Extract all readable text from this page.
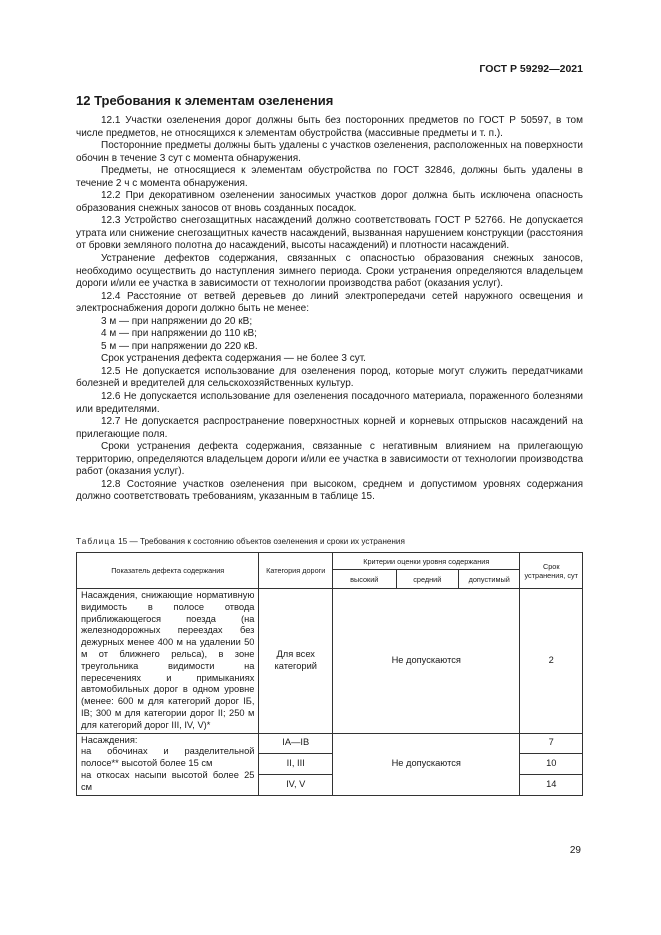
ГОСТ Р 59292—2021
12 Требования к элементам озеленения

12.1 Участки озеленения дорог должны быть без посторонних предметов по ГОСТ Р 50597, в том числе предметов, не относящихся к элементам обустройства (массивные предметы и т. п.).

Посторонние предметы должны быть удалены с участков озеленения, расположенных на поверхности обочин в течение 3 сут с момента обнаружения.

Предметы, не относящиеся к элементам обустройства по ГОСТ 32846, должны быть удалены в течение 2 ч с момента обнаружения.

12.2 При декоративном озеленении заносимых участков дорог должна быть исключена опасность образования снежных заносов от вновь созданных посадок.

12.3 Устройство снегозащитных насаждений должно соответствовать ГОСТ Р 52766. Не допускается утрата или снижение снегозащитных качеств насаждений, вызванная нарушением конструкции (расстояния от бровки земляного полотна до насаждений, высоты насаждений) и плотности насаждений.

Устранение дефектов содержания, связанных с опасностью образования снежных заносов, необходимо осуществить до наступления зимнего периода. Сроки устранения определяются владельцем дороги и/или ее участка в зависимости от технологии производства работ (оказания услуг).

12.4 Расстояние от ветвей деревьев до линий электропередачи сетей наружного освещения и электроснабжения дороги должно быть не менее:

3 м — при напряжении до 20 кВ;

4 м — при напряжении до 110 кВ;

5 м — при напряжении до 220 кВ.

Срок устранения дефекта содержания — не более 3 сут.

12.5 Не допускается использование для озеленения пород, которые могут служить передатчиками болезней и вредителей для сельскохозяйственных культур.

12.6 Не допускается использование для озеленения посадочного материала, пораженного болезнями или вредителями.

12.7 Не допускается распространение поверхностных корней и корневых отпрысков насаждений на прилегающие поля.

Сроки устранения дефекта содержания, связанные с негативным влиянием на прилегающую территорию, определяются владельцем дороги и/или ее участка в зависимости от технологии производства работ (оказания услуг).

12.8 Состояние участков озеленения при высоком, среднем и допустимом уровнях содержания должно соответствовать требованиям, указанным в таблице 15.

Таблица 15 — Требования к состоянию объектов озеленения и сроки их устранения
Показатель дефекта содержания	Категория дороги	Критерии оценки уровня содержания			Срок устранения, сут
		высокий	средний	допустимый	
Насаждения, снижающие нормативную видимость в полосе отвода приближающегося поезда (на железнодорожных переездах без дежурных менее 400 м на удалении 50 м от ближнего рельса), в зоне треугольника видимости на пересечениях и примыканиях автомобильных дорог в одном уровне (менее: 600 м для категорий дорог IБ, IB; 300 м для категории дорог II; 250 м для категорий дорог III, IV, V)*	Для всех категорий	Не допускаются			2

Насаждения:
на обочинах и разделительной полосе** высотой более 15 см
на откосах насыпи высотой более 25 см	IA—IB	Не допускаются			7
	II, III				10
	IV, V				14
29
